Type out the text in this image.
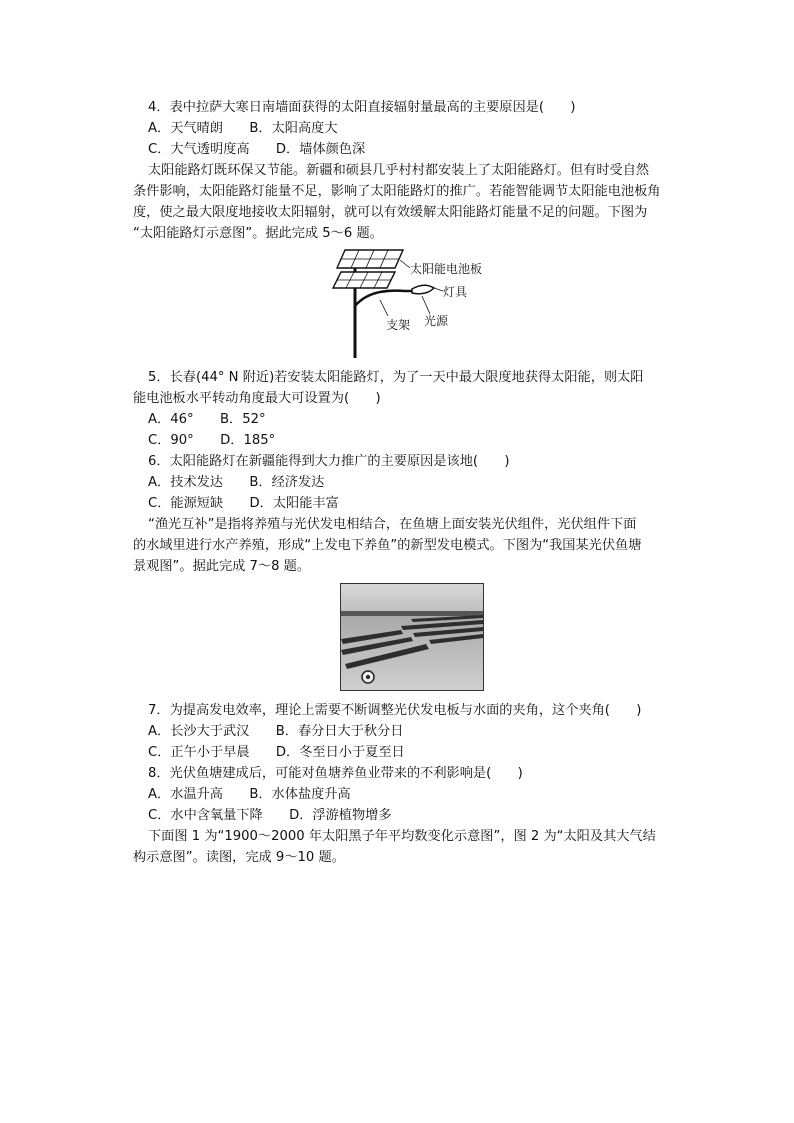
4．表中拉萨大寒日南墙面获得的太阳直接辐射量最高的主要原因是(　　)
A．天气晴朗　　B．太阳高度大
C．大气透明度高　　D．墙体颜色深
太阳能路灯既环保又节能。新疆和硕县几乎村村都安装上了太阳能路灯。但有时受自然
条件影响，太阳能路灯能量不足，影响了太阳能路灯的推广。若能智能调节太阳能电池板角
度，使之最大限度地接收太阳辐射，就可以有效缓解太阳能路灯能量不足的问题。下图为
“太阳能路灯示意图”。据此完成 5～6 题。
太阳能电池板
灯具
支架 光源
5．长春(44° N 附近)若安装太阳能路灯，为了一天中最大限度地获得太阳能，则太阳
能电池板水平转动角度最大可设置为(　　)
A．46°　　B．52°
C．90°　　D．185°
6．太阳能路灯在新疆能得到大力推广的主要原因是该地(　　)
A．技术发达　　B．经济发达
C．能源短缺　　D．太阳能丰富
“渔光互补”是指将养殖与光伏发电相结合，在鱼塘上面安装光伏组件，光伏组件下面
的水域里进行水产养殖，形成“上发电下养鱼”的新型发电模式。下图为“我国某光伏鱼塘
景观图”。据此完成 7～8 题。
7．为提高发电效率，理论上需要不断调整光伏发电板与水面的夹角，这个夹角(　　)
A．长沙大于武汉　　B．春分日大于秋分日
C．正午小于早晨　　D．冬至日小于夏至日
8．光伏鱼塘建成后，可能对鱼塘养鱼业带来的不利影响是(　　)
A．水温升高　　B．水体盐度升高
C．水中含氧量下降　　D．浮游植物增多
下面图 1 为“1900～2000 年太阳黑子年平均数变化示意图”，图 2 为“太阳及其大气结
构示意图”。读图，完成 9～10 题。
